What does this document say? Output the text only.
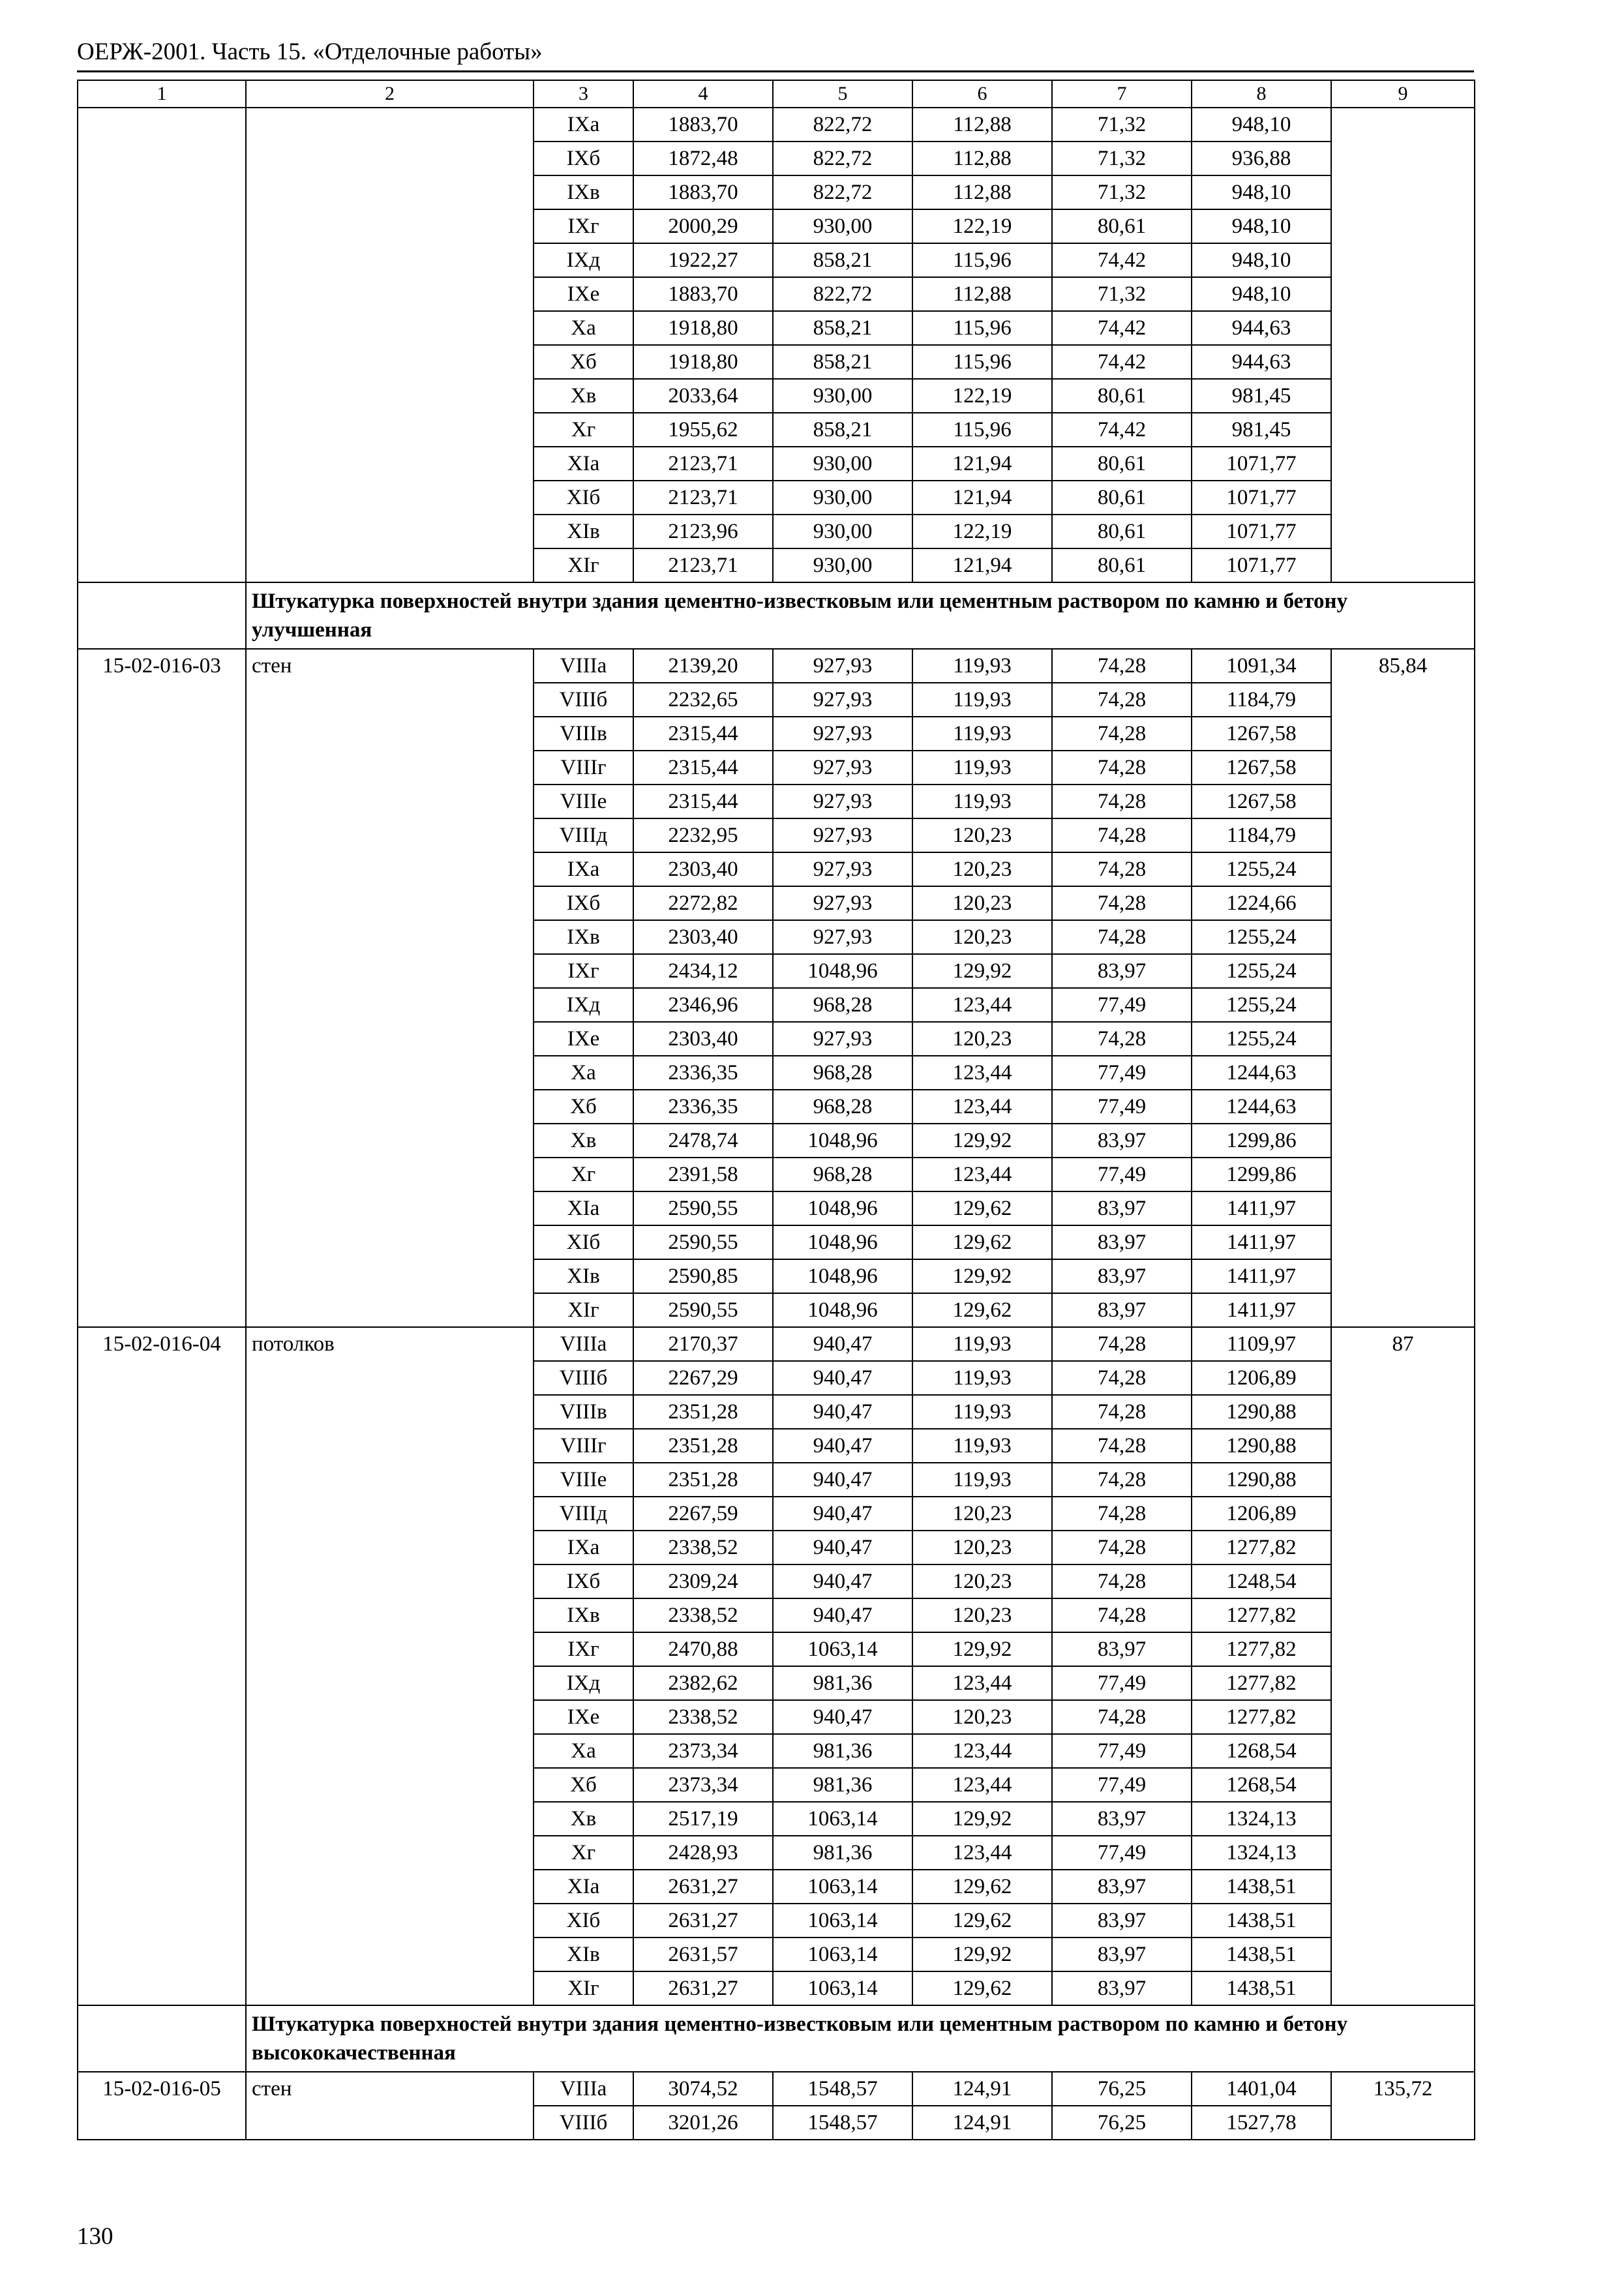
ОЕРЖ-2001. Часть 15. «Отделочные работы»
1	2	3	4	5	6	7	8	9
		IXа	1883,70	822,72	112,88	71,32	948,10	
		IXб	1872,48	822,72	112,88	71,32	936,88	
		IXв	1883,70	822,72	112,88	71,32	948,10	
		IXг	2000,29	930,00	122,19	80,61	948,10	
		IXд	1922,27	858,21	115,96	74,42	948,10	
		IXе	1883,70	822,72	112,88	71,32	948,10	
		Xа	1918,80	858,21	115,96	74,42	944,63	
		Xб	1918,80	858,21	115,96	74,42	944,63	
		Xв	2033,64	930,00	122,19	80,61	981,45	
		Xг	1955,62	858,21	115,96	74,42	981,45	
		XIа	2123,71	930,00	121,94	80,61	1071,77	
		XIб	2123,71	930,00	121,94	80,61	1071,77	
		XIв	2123,96	930,00	122,19	80,61	1071,77	
		XIг	2123,71	930,00	121,94	80,61	1071,77	
	Штукатурка поверхностей внутри здания цементно-известковым или цементным раствором по камню и бетону улучшенная							
15-02-016-03	стен	VIIIа	2139,20	927,93	119,93	74,28	1091,34	85,84
		VIIIб	2232,65	927,93	119,93	74,28	1184,79	
		VIIIв	2315,44	927,93	119,93	74,28	1267,58	
		VIIIг	2315,44	927,93	119,93	74,28	1267,58	
		VIIIе	2315,44	927,93	119,93	74,28	1267,58	
		VIIIд	2232,95	927,93	120,23	74,28	1184,79	
		IXа	2303,40	927,93	120,23	74,28	1255,24	
		IXб	2272,82	927,93	120,23	74,28	1224,66	
		IXв	2303,40	927,93	120,23	74,28	1255,24	
		IXг	2434,12	1048,96	129,92	83,97	1255,24	
		IXд	2346,96	968,28	123,44	77,49	1255,24	
		IXе	2303,40	927,93	120,23	74,28	1255,24	
		Xа	2336,35	968,28	123,44	77,49	1244,63	
		Xб	2336,35	968,28	123,44	77,49	1244,63	
		Xв	2478,74	1048,96	129,92	83,97	1299,86	
		Xг	2391,58	968,28	123,44	77,49	1299,86	
		XIа	2590,55	1048,96	129,62	83,97	1411,97	
		XIб	2590,55	1048,96	129,62	83,97	1411,97	
		XIв	2590,85	1048,96	129,92	83,97	1411,97	
		XIг	2590,55	1048,96	129,62	83,97	1411,97	
15-02-016-04	потолков	VIIIа	2170,37	940,47	119,93	74,28	1109,97	87
		VIIIб	2267,29	940,47	119,93	74,28	1206,89	
		VIIIв	2351,28	940,47	119,93	74,28	1290,88	
		VIIIг	2351,28	940,47	119,93	74,28	1290,88	
		VIIIе	2351,28	940,47	119,93	74,28	1290,88	
		VIIIд	2267,59	940,47	120,23	74,28	1206,89	
		IXа	2338,52	940,47	120,23	74,28	1277,82	
		IXб	2309,24	940,47	120,23	74,28	1248,54	
		IXв	2338,52	940,47	120,23	74,28	1277,82	
		IXг	2470,88	1063,14	129,92	83,97	1277,82	
		IXд	2382,62	981,36	123,44	77,49	1277,82	
		IXе	2338,52	940,47	120,23	74,28	1277,82	
		Xа	2373,34	981,36	123,44	77,49	1268,54	
		Xб	2373,34	981,36	123,44	77,49	1268,54	
		Xв	2517,19	1063,14	129,92	83,97	1324,13	
		Xг	2428,93	981,36	123,44	77,49	1324,13	
		XIа	2631,27	1063,14	129,62	83,97	1438,51	
		XIб	2631,27	1063,14	129,62	83,97	1438,51	
		XIв	2631,57	1063,14	129,92	83,97	1438,51	
		XIг	2631,27	1063,14	129,62	83,97	1438,51	
	Штукатурка поверхностей внутри здания цементно-известковым или цементным раствором по камню и бетону высококачественная							
15-02-016-05	стен	VIIIа	3074,52	1548,57	124,91	76,25	1401,04	135,72
		VIIIб	3201,26	1548,57	124,91	76,25	1527,78	
130
